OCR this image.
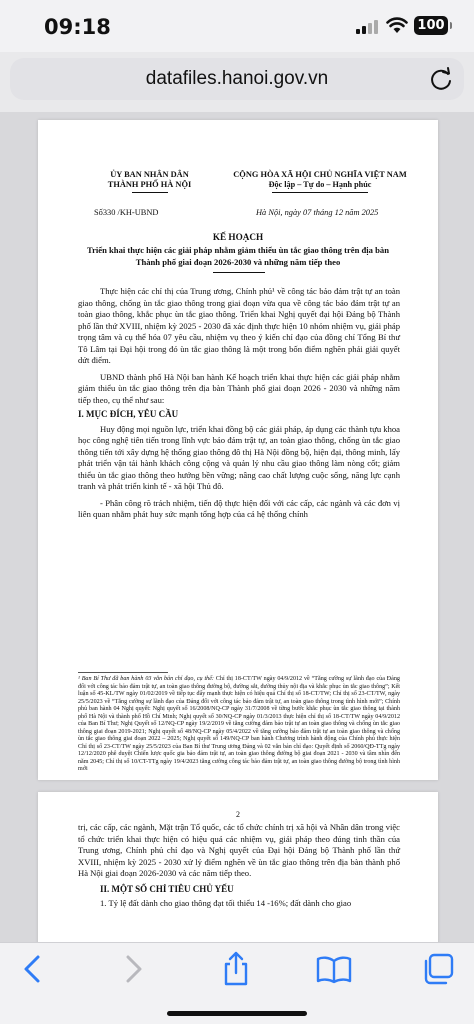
09:18	100
datafiles.hanoi.gov.vn
ỦY BAN NHÂN DÂN
THÀNH PHỐ HÀ NỘI
CỘNG HÒA XÃ HỘI CHỦ NGHĨA VIỆT NAM
Độc lập – Tự do – Hạnh phúc
Số330 /KH-UBND	Hà Nội, ngày 07 tháng 12 năm 2025
KẾ HOẠCH
Triển khai thực hiện các giải pháp nhằm giảm thiểu ùn tắc giao thông trên địa bàn Thành phố giai đoạn 2026-2030 và những năm tiếp theo

Thực hiện các chỉ thị của Trung ương, Chính phủ¹ về công tác bảo đảm trật tự an toàn giao thông, chống ùn tắc giao thông trong giai đoạn vừa qua về công tác bảo đảm trật tự an toàn giao thông, khắc phục ùn tắc giao thông. Triển khai Nghị quyết đại hội Đảng bộ Thành phố lần thứ XVIII, nhiệm kỳ 2025 - 2030 đã xác định thực hiện 10 nhóm nhiệm vụ, giải pháp trọng tâm và cụ thể hóa 07 yêu cầu, nhiệm vụ theo ý kiến chỉ đạo của đồng chí Tổng Bí thư Tô Lâm tại Đại hội trong đó ùn tắc giao thông là một trong bốn điểm nghẽn phải giải quyết dứt điểm.

UBND thành phố Hà Nội ban hành Kế hoạch triển khai thực hiện các giải pháp nhằm giảm thiểu ùn tắc giao thông trên địa bàn Thành phố giai đoạn 2026 - 2030 và những năm tiếp theo, cụ thể như sau:

I. MỤC ĐÍCH, YÊU CẦU

Huy động mọi nguồn lực, triển khai đồng bộ các giải pháp, áp dụng các thành tựu khoa học công nghệ tiên tiến trong lĩnh vực bảo đảm trật tự, an toàn giao thông, chống ùn tắc giao thông tiến tới xây dựng hệ thống giao thông đô thị Hà Nội đồng bộ, hiện đại, thông minh, lấy phát triển vận tải hành khách công cộng và quản lý nhu cầu giao thông làm nòng cốt; giảm thiểu ùn tắc giao thông theo hướng bền vững; nâng cao chất lượng cuộc sống, năng lực cạnh tranh và phát triển kinh tế - xã hội Thủ đô.

- Phân công rõ trách nhiệm, tiến độ thực hiện đối với các cấp, các ngành và các đơn vị liên quan nhằm phát huy sức mạnh tổng hợp của cả hệ thống chính

¹ Ban Bí Thư đã ban hành 03 văn bản chỉ đạo, cụ thể: Chỉ thị 18-CT/TW ngày 04/9/2012 về “Tăng cường sự lãnh đạo của Đảng đối với công tác bảo đảm trật tự, an toàn giao thông đường bộ, đường sắt, đường thủy nội địa và khắc phục ùn tắc giao thông”; Kết luận số 45-KL/TW ngày 01/02/2019 về tiếp tục đẩy mạnh thực hiện có hiệu quả Chỉ thị số 18-CT/TW; Chỉ thị số 23-CT/TW, ngày 25/5/2023 về “Tăng cường sự lãnh đạo của Đảng đối với công tác bảo đảm trật tự, an toàn giao thông trong tình hình mới”; Chính phủ ban hành 04 Nghị quyết: Nghị quyết số 16/2008/NQ-CP ngày 31/7/2008 về từng bước khắc phục ùn tắc giao thông tại thành phố Hà Nội và thành phố Hồ Chí Minh; Nghị quyết số 30/NQ-CP ngày 01/3/2013 thực hiện chỉ thị số 18-CT/TW ngày 04/9/2012 của Ban Bí Thư; Nghị Quyết số 12/NQ-CP ngày 19/2/2019 về tăng cường đảm bảo trật tự an toàn giao thông và chống ùn tắc giao thông giai đoạn 2019-2021; Nghị quyết số 48/NQ-CP ngày 05/4/2022 về tăng cường bảo đảm trật tự an toàn giao thông và chống ùn tắc giao thông giai đoạn 2022 – 2025; Nghị quyết số 149/NQ-CP ban hành Chương trình hành động của Chính phủ thực hiện Chỉ thị số 23-CT/TW ngày 25/5/2023 của Ban Bí thư Trung ương Đảng và 02 văn bản chỉ đạo: Quyết định số 2060/QĐ-TTg ngày 12/12/2020 phê duyệt Chiến lược quốc gia bảo đảm trật tự, an toàn giao thông đường bộ giai đoạn 2021 - 2030 và tầm nhìn đến năm 2045; Chỉ thị số 10/CT-TTg ngày 19/4/2023 tăng cường công tác bảo đảm trật tự, an toàn giao thông đường bộ trong tình hình mới
2

trị, các cấp, các ngành, Mặt trận Tổ quốc, các tổ chức chính trị xã hội và Nhân dân trong việc tổ chức triển khai thực hiện có hiệu quả các nhiệm vụ, giải pháp theo đúng tinh thần của Trung ương, Chính phủ chỉ đạo và Nghị quyết của Đại hội Đảng bộ Thành phố lần thứ XVIII, nhiệm kỳ 2025 - 2030 xử lý điểm nghẽn về ùn tắc giao thông trên địa bàn thành phố Hà Nội giai đoạn 2026-2030 và các năm tiếp theo.

II. MỘT SỐ CHỈ TIÊU CHỦ YẾU

1. Tỷ lệ đất dành cho giao thông đạt tối thiểu 14 -16%; đất dành cho giao
